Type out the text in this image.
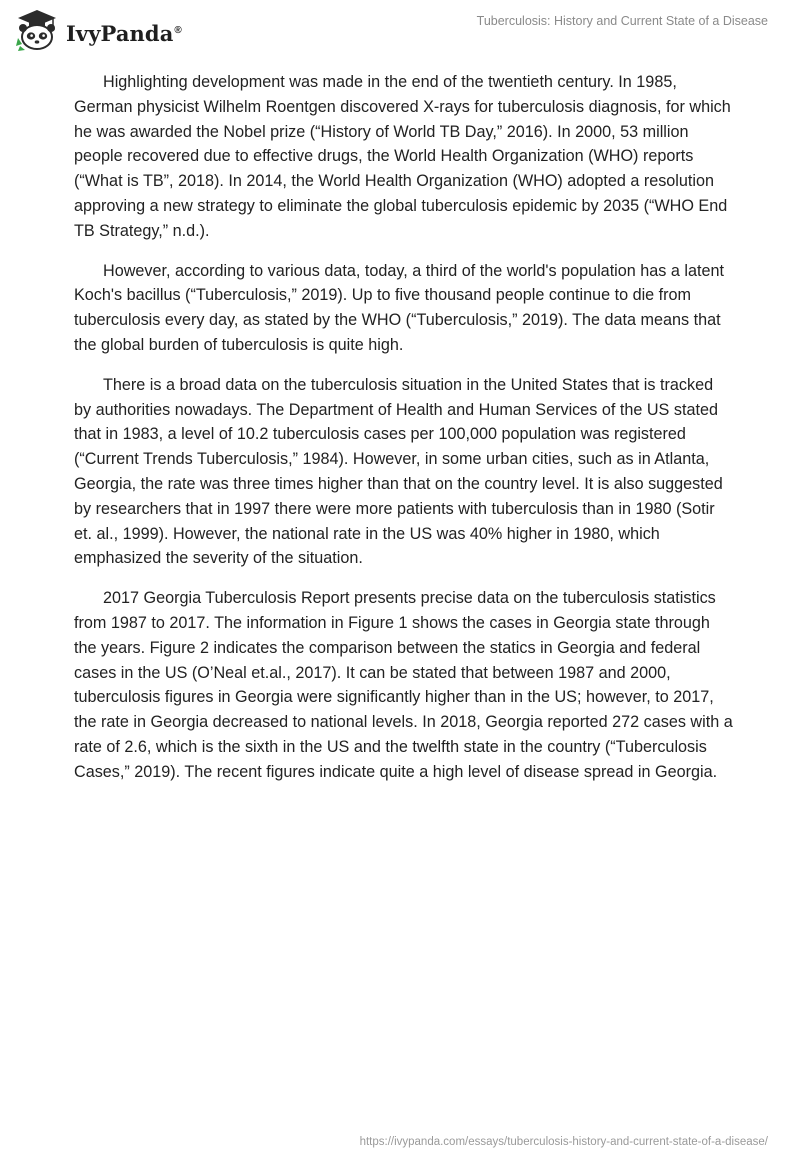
IvyPanda®
Tuberculosis: History and Current State of a Disease

Highlighting development was made in the end of the twentieth century. In 1985, German physicist Wilhelm Roentgen discovered X-rays for tuberculosis diagnosis, for which he was awarded the Nobel prize (“History of World TB Day,” 2016). In 2000, 53 million people recovered due to effective drugs, the World Health Organization (WHO) reports (“What is TB”, 2018). In 2014, the World Health Organization (WHO) adopted a resolution approving a new strategy to eliminate the global tuberculosis epidemic by 2035 (“WHO End TB Strategy,” n.d.).

However, according to various data, today, a third of the world's population has a latent Koch's bacillus (“Tuberculosis,” 2019). Up to five thousand people continue to die from tuberculosis every day, as stated by the WHO (“Tuberculosis,” 2019). The data means that the global burden of tuberculosis is quite high.

There is a broad data on the tuberculosis situation in the United States that is tracked by authorities nowadays. The Department of Health and Human Services of the US stated that in 1983, a level of 10.2 tuberculosis cases per 100,000 population was registered (“Current Trends Tuberculosis,” 1984). However, in some urban cities, such as in Atlanta, Georgia, the rate was three times higher than that on the country level. It is also suggested by researchers that in 1997 there were more patients with tuberculosis than in 1980 (Sotir et. al., 1999). However, the national rate in the US was 40% higher in 1980, which emphasized the severity of the situation.

2017 Georgia Tuberculosis Report presents precise data on the tuberculosis statistics from 1987 to 2017. The information in Figure 1 shows the cases in Georgia state through the years. Figure 2 indicates the comparison between the statics in Georgia and federal cases in the US (O’Neal et.al., 2017). It can be stated that between 1987 and 2000, tuberculosis figures in Georgia were significantly higher than in the US; however, to 2017, the rate in Georgia decreased to national levels. In 2018, Georgia reported 272 cases with a rate of 2.6, which is the sixth in the US and the twelfth state in the country (“Tuberculosis Cases,” 2019). The recent figures indicate quite a high level of disease spread in Georgia.

https://ivypanda.com/essays/tuberculosis-history-and-current-state-of-a-disease/
